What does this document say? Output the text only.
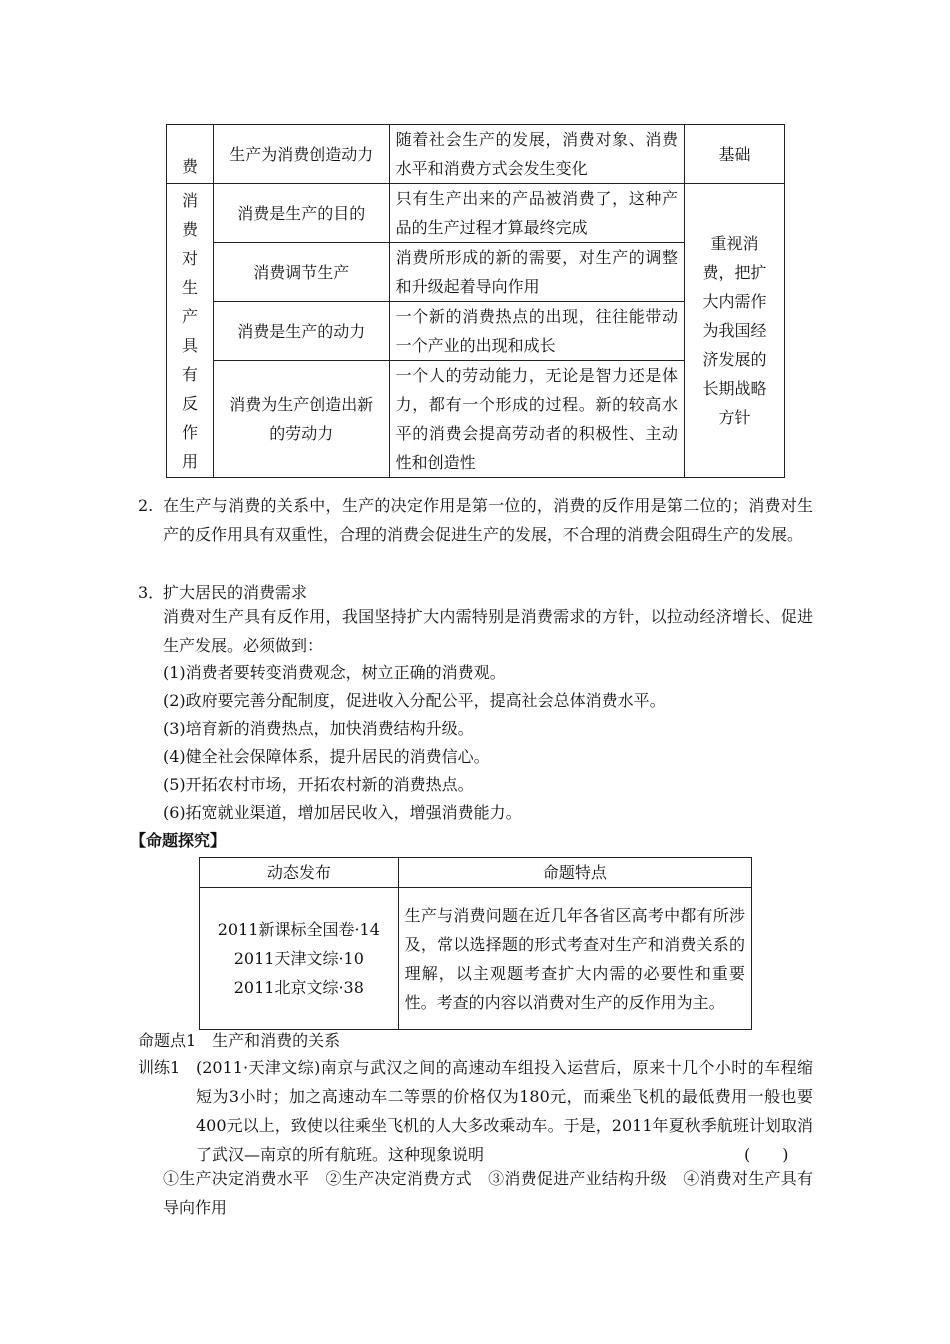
费	生产为消费创造动力	随着社会生产的发展，消费对象、消费水平和消费方式会发生变化	基础

消费对生产具有反作用	消费是生产的目的	只有生产出来的产品被消费了，这种产品的生产过程才算最终完成	重视消费，把扩大内需作为我国经济发展的长期战略方针
	消费调节生产	消费所形成的新的需要，对生产的调整和升级起着导向作用	
	消费是生产的动力	一个新的消费热点的出现，往往能带动一个产业的出现和成长	
	消费为生产创造出新的劳动力	一个人的劳动能力，无论是智力还是体力，都有一个形成的过程。新的较高水平的消费会提高劳动者的积极性、主动性和创造性	
2. 在生产与消费的关系中，生产的决定作用是第一位的，消费的反作用是第二位的；消费对生产的反作用具有双重性，合理的消费会促进生产的发展，不合理的消费会阻碍生产的发展。
3．
扩大居民的消费需求
消费对生产具有反作用，我国坚持扩大内需特别是消费需求的方针，以拉动经济增长、促进生产发展。必须做到：
(1)消费者要转变消费观念，树立正确的消费观。
(2)政府要完善分配制度，促进收入分配公平，提高社会总体消费水平。
(3)培育新的消费热点，加快消费结构升级。
(4)健全社会保障体系，提升居民的消费信心。
(5)开拓农村市场，开拓农村新的消费热点。
(6)拓宽就业渠道，增加居民收入，增强消费能力。
【命题探究】
动态发布	命题特点

2011新课标全国卷·14
2011天津文综·10
2011北京文综·38	生产与消费问题在近几年各省区高考中都有所涉及，常以选择题的形式考查对生产和消费关系的理解，以主观题考查扩大内需的必要性和重要性。考查的内容以消费对生产的反作用为主。
命题点1　生产和消费的关系
训练1 (2011·天津文综)南京与武汉之间的高速动车组投入运营后，原来十几个小时的车程缩短为3小时；加之高速动车二等票的价格仅为180元，而乘坐飞机的最低费用一般也要400元以上，致使以往乘坐飞机的人大多改乘动车。于是，2011年夏秋季航班计划取消了武汉—南京的所有航班。这种现象说明	(　　)
①生产决定消费水平　②生产决定消费方式　③消费促进产业结构升级　④消费对生产具有导向作用
